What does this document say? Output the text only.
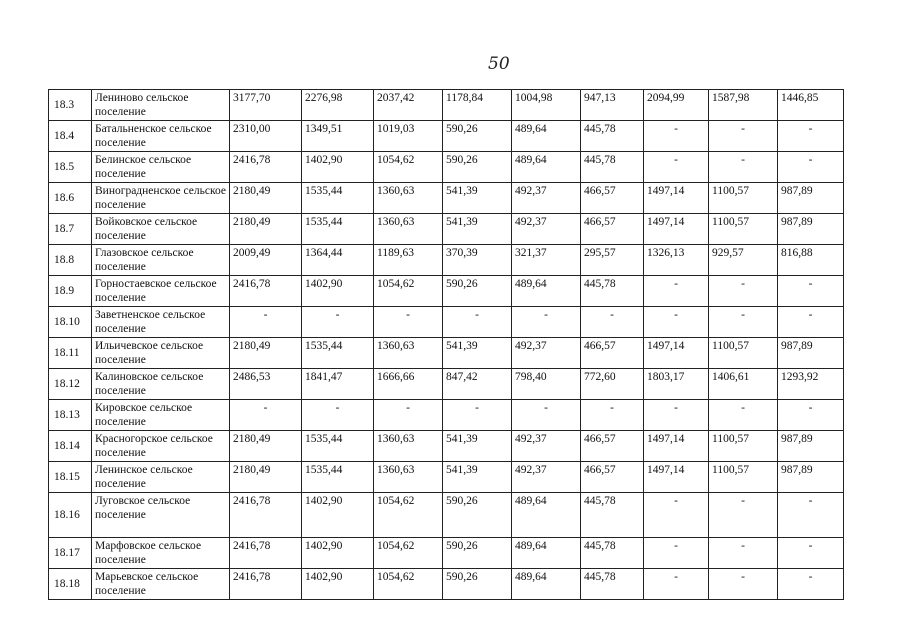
50
18.3	Лениново сельское поселение	3177,70	2276,98	2037,42	1178,84	1004,98	947,13	2094,99	1587,98	1446,85
18.4	Батальненское сельское поселение	2310,00	1349,51	1019,03	590,26	489,64	445,78	-	-	-
18.5	Белинское сельское поселение	2416,78	1402,90	1054,62	590,26	489,64	445,78	-	-	-
18.6	Виноградненское сельское поселение	2180,49	1535,44	1360,63	541,39	492,37	466,57	1497,14	1100,57	987,89
18.7	Войковское сельское поселение	2180,49	1535,44	1360,63	541,39	492,37	466,57	1497,14	1100,57	987,89
18.8	Глазовское сельское поселение	2009,49	1364,44	1189,63	370,39	321,37	295,57	1326,13	929,57	816,88
18.9	Горностаевское сельское поселение	2416,78	1402,90	1054,62	590,26	489,64	445,78	-	-	-
18.10	Заветненское сельское поселение	-	-	-	-	-	-	-	-	-
18.11	Ильичевское сельское поселение	2180,49	1535,44	1360,63	541,39	492,37	466,57	1497,14	1100,57	987,89
18.12	Калиновское сельское поселение	2486,53	1841,47	1666,66	847,42	798,40	772,60	1803,17	1406,61	1293,92
18.13	Кировское сельское поселение	-	-	-	-	-	-	-	-	-
18.14	Красногорское сельское поселение	2180,49	1535,44	1360,63	541,39	492,37	466,57	1497,14	1100,57	987,89
18.15	Ленинское сельское поселение	2180,49	1535,44	1360,63	541,39	492,37	466,57	1497,14	1100,57	987,89
18.16	Луговское сельское поселение	2416,78	1402,90	1054,62	590,26	489,64	445,78	-	-	-
18.17	Марфовское сельское поселение	2416,78	1402,90	1054,62	590,26	489,64	445,78	-	-	-
18.18	Марьевское сельское поселение	2416,78	1402,90	1054,62	590,26	489,64	445,78	-	-	-
